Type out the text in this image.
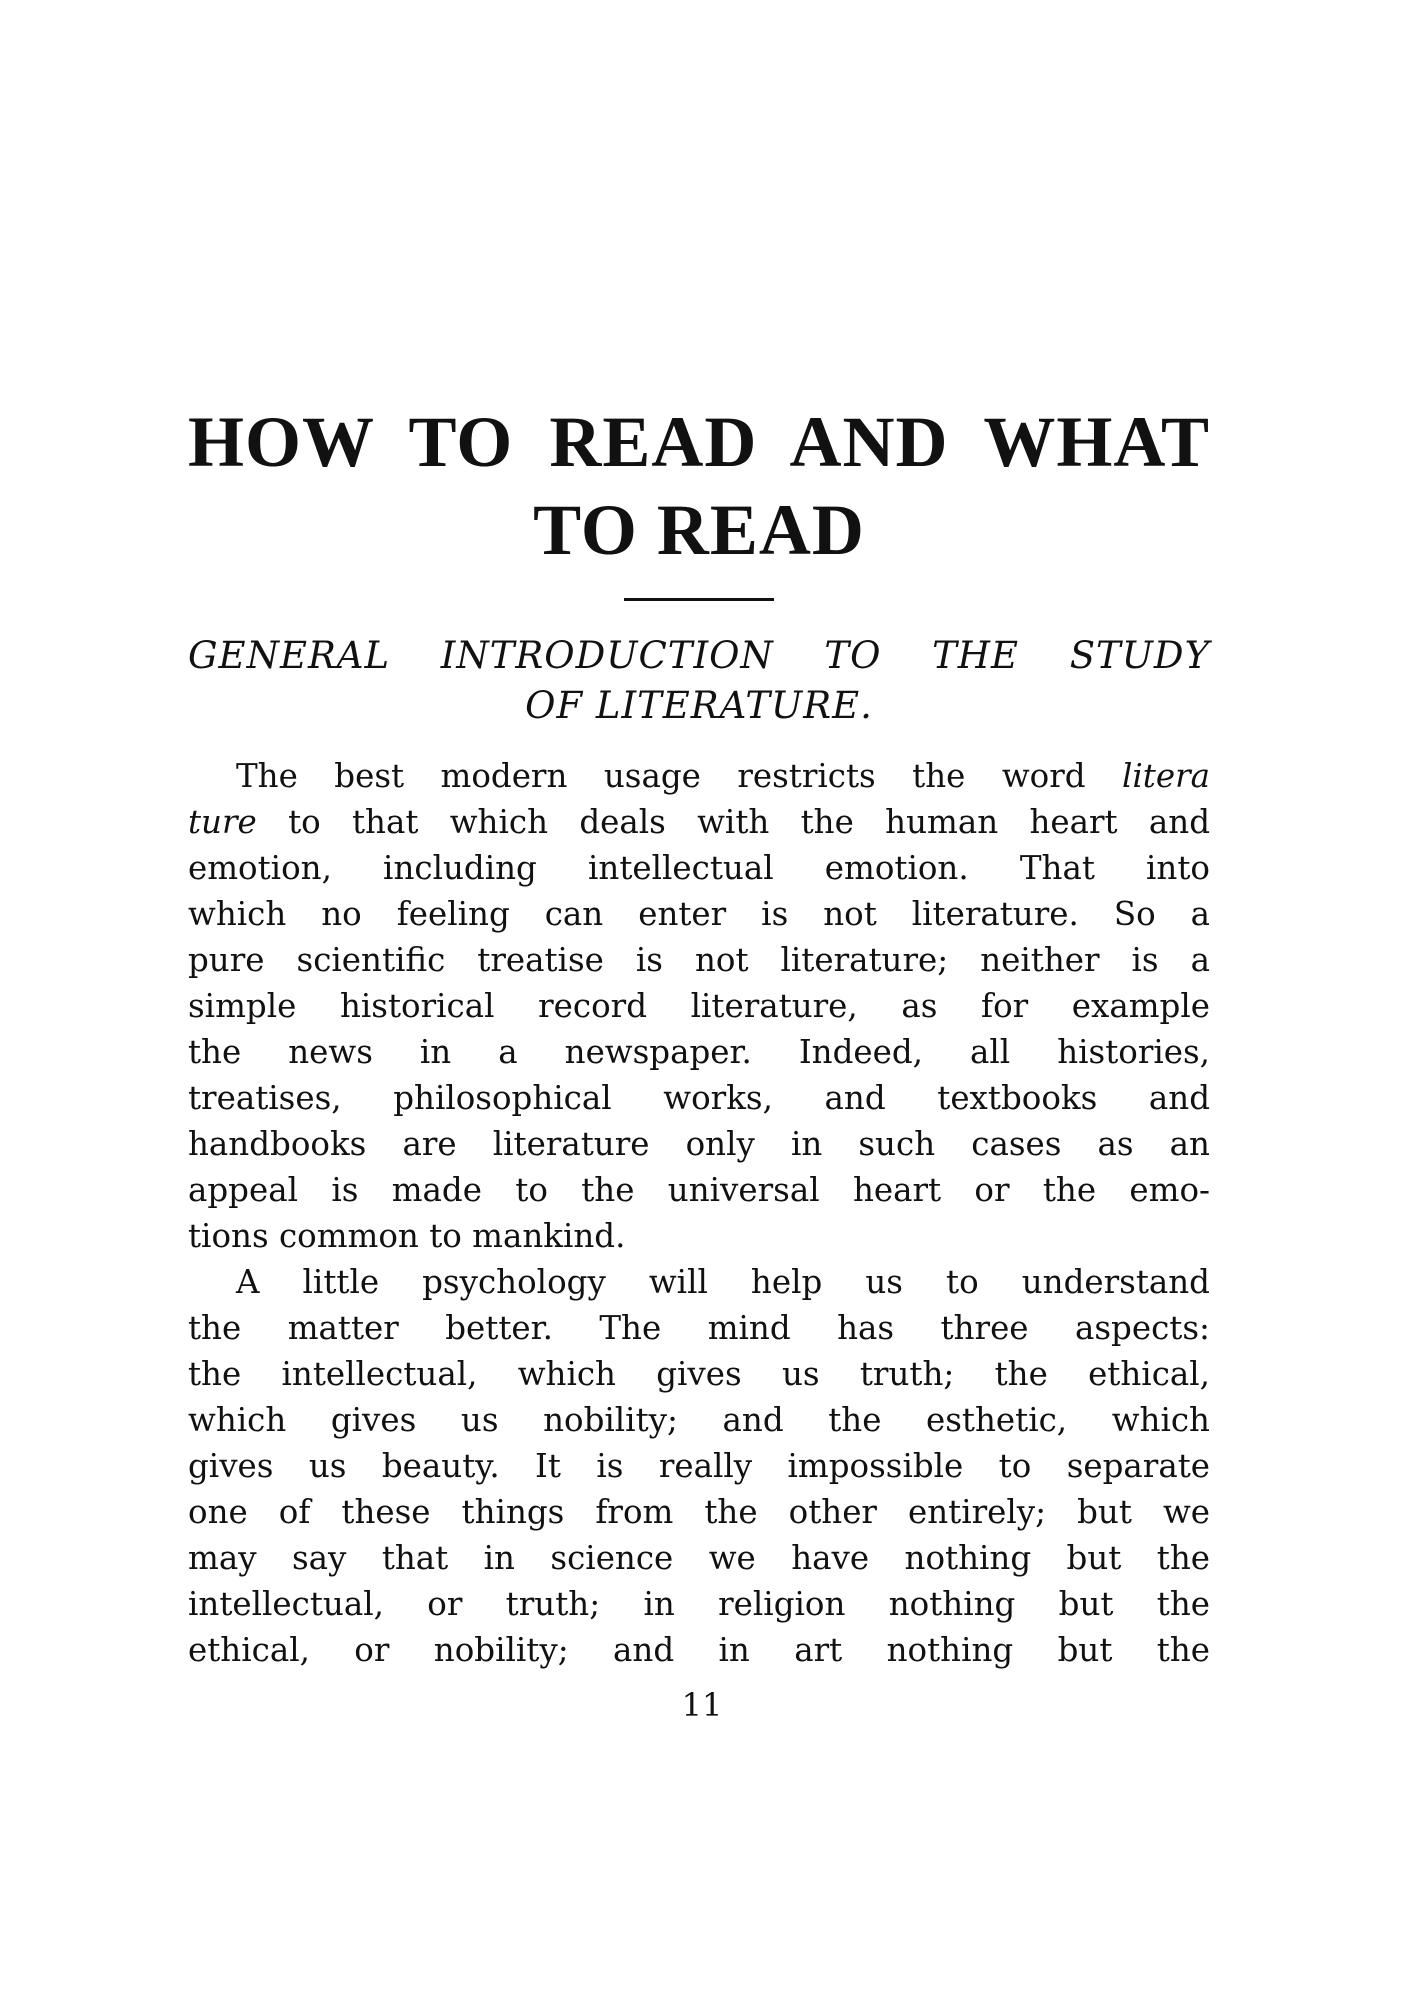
HOW TO READ AND WHAT
TO READ
GENERAL INTRODUCTION TO THE STUDY
OF LITERATURE.

The best modern usage restricts the word litera
ture to that which deals with the human heart and
emotion, including intellectual emotion. That into
which no feeling can enter is not literature. So a
pure scientific treatise is not literature; neither is a
simple historical record literature, as for example
the news in a newspaper. Indeed, all histories,
treatises, philosophical works, and textbooks and
handbooks are literature only in such cases as an
appeal is made to the universal heart or the emo-
tions common to mankind.

A little psychology will help us to understand
the matter better. The mind has three aspects:
the intellectual, which gives us truth; the ethical,
which gives us nobility; and the esthetic, which
gives us beauty. It is really impossible to separate
one of these things from the other entirely; but we
may say that in science we have nothing but the
intellectual, or truth; in religion nothing but the
ethical, or nobility; and in art nothing but the

11
